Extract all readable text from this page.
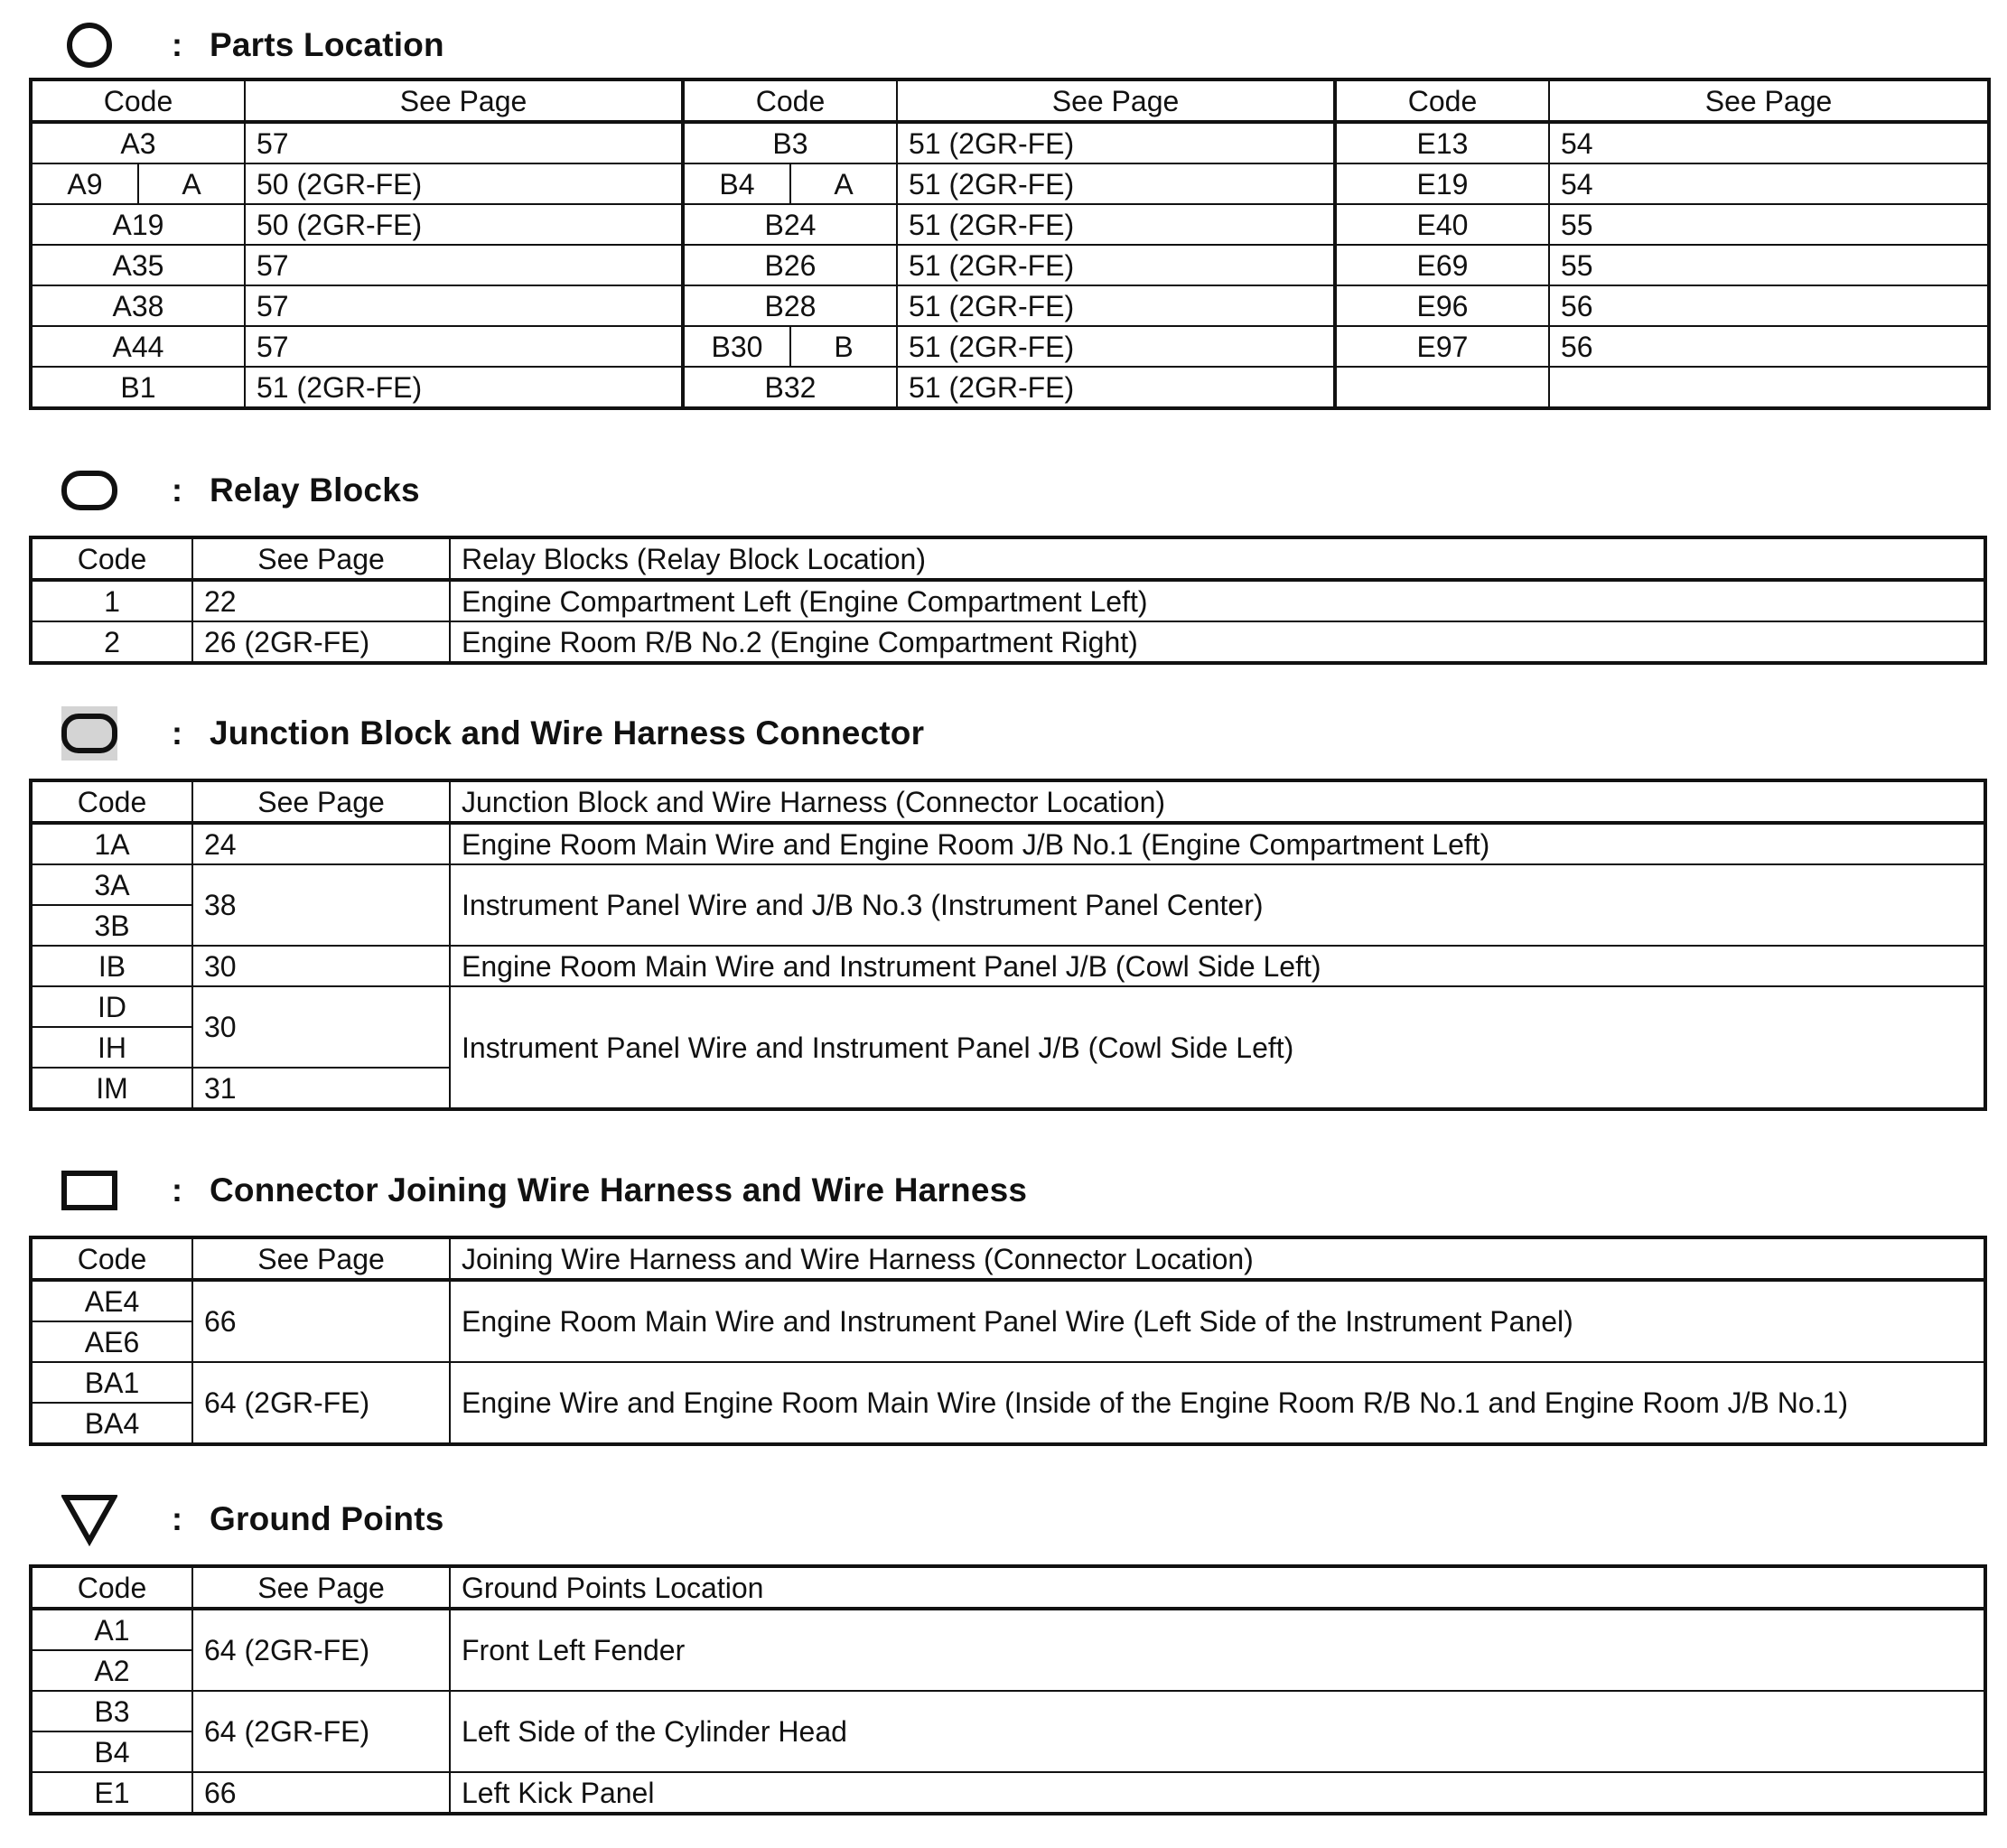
: Parts Location
Code	See Page	Code	See Page	Code	See Page
A3	57	B3	51 (2GR-FE)	E13	54

A9 A	50 (2GR-FE)	B4 A	51 (2GR-FE)	E19	54
A19	50 (2GR-FE)	B24	51 (2GR-FE)	E40	55
A35	57	B26	51 (2GR-FE)	E69	55
A38	57	B28	51 (2GR-FE)	E96	56
A44	57	B30 B	51 (2GR-FE)	E97	56
B1	51 (2GR-FE)	B32	51 (2GR-FE)		
: Relay Blocks
Code	See Page	Relay Blocks (Relay Block Location)
1	22	Engine Compartment Left (Engine Compartment Left)
2	26 (2GR-FE)	Engine Room R/B No.2 (Engine Compartment Right)
: Junction Block and Wire Harness Connector
Code	See Page	Junction Block and Wire Harness (Connector Location)
1A	24	Engine Room Main Wire and Engine Room J/B No.1 (Engine Compartment Left)
3A	38	Instrument Panel Wire and J/B No.3 (Instrument Panel Center)
3B		
IB	30	Engine Room Main Wire and Instrument Panel J/B (Cowl Side Left)
ID	30	Instrument Panel Wire and Instrument Panel J/B (Cowl Side Left)
IH		
IM	31	
: Connector Joining Wire Harness and Wire Harness
Code	See Page	Joining Wire Harness and Wire Harness (Connector Location)
AE4	66	Engine Room Main Wire and Instrument Panel Wire (Left Side of the Instrument Panel)
AE6		
BA1	64 (2GR-FE)	Engine Wire and Engine Room Main Wire (Inside of the Engine Room R/B No.1 and Engine Room J/B No.1)
BA4		
: Ground Points
Code	See Page	Ground Points Location
A1	64 (2GR-FE)	Front Left Fender
A2		
B3	64 (2GR-FE)	Left Side of the Cylinder Head
B4		
E1	66	Left Kick Panel
